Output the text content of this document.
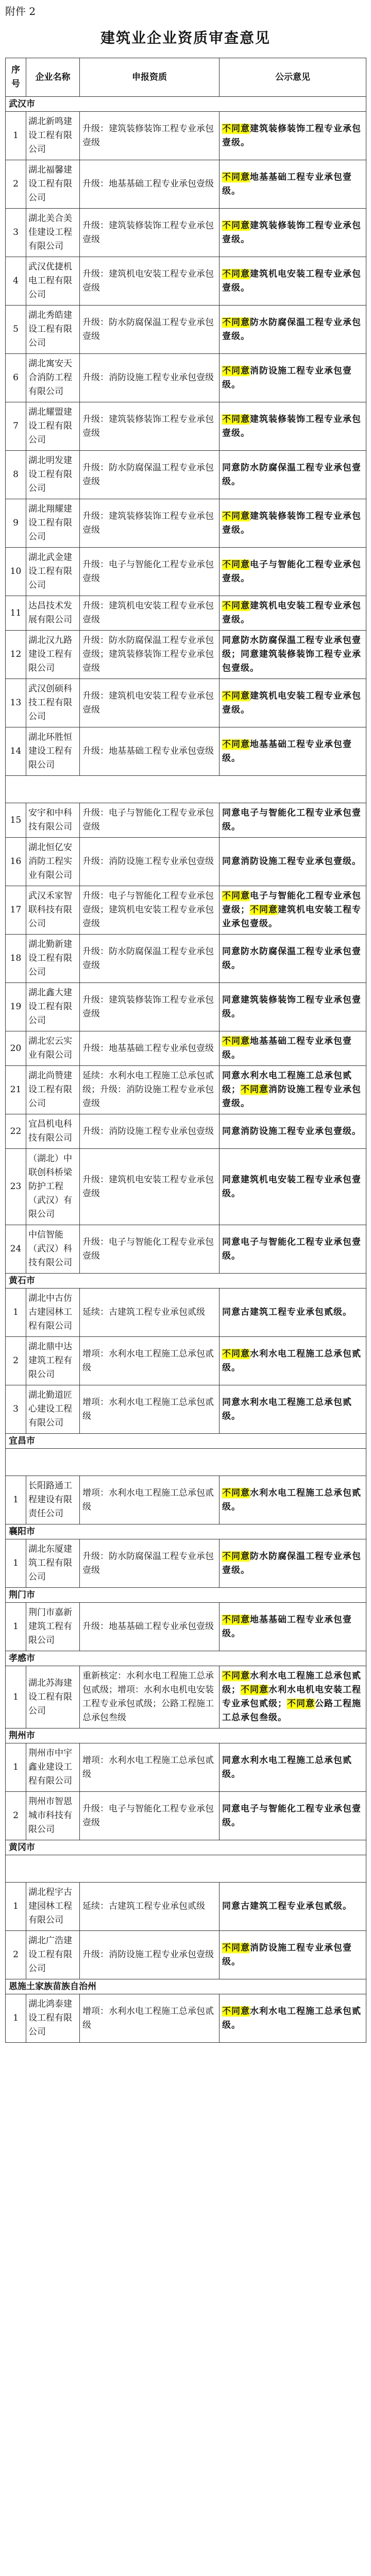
附件 2
建筑业企业资质审查意见
序号	企业名称	申报资质	公示意见
武汉市			
1	湖北新鸣建设工程有限公司	升级：建筑装修装饰工程专业承包壹级	不同意建筑装修装饰工程专业承包壹级。
2	湖北福馨建设工程有限公司	升级：地基基础工程专业承包壹级	不同意地基基础工程专业承包壹级。
3	湖北美合美佳建设工程有限公司	升级：建筑装修装饰工程专业承包壹级	不同意建筑装修装饰工程专业承包壹级。
4	武汉优捷机电工程有限公司	升级：建筑机电安装工程专业承包壹级	不同意建筑机电安装工程专业承包壹级。
5	湖北秀皓建设工程有限公司	升级：防水防腐保温工程专业承包壹级	不同意防水防腐保温工程专业承包壹级。
6	湖北寓安天合消防工程有限公司	升级：消防设施工程专业承包壹级	不同意消防设施工程专业承包壹级。
7	湖北耀盟建设工程有限公司	升级：建筑装修装饰工程专业承包壹级	不同意建筑装修装饰工程专业承包壹级。
8	湖北明发建设工程有限公司	升级：防水防腐保温工程专业承包壹级	同意防水防腐保温工程专业承包壹级。
9	湖北翔耀建设工程有限公司	升级：建筑装修装饰工程专业承包壹级	不同意建筑装修装饰工程专业承包壹级。
10	湖北武金建设工程有限公司	升级：电子与智能化工程专业承包壹级	不同意电子与智能化工程专业承包壹级。
11	达昌技术发展有限公司	升级：建筑机电安装工程专业承包壹级	不同意建筑机电安装工程专业承包壹级。
12	湖北汉九路建设工程有限公司	升级：防水防腐保温工程专业承包壹级；建筑装修装饰工程专业承包壹级	同意防水防腐保温工程专业承包壹级；同意建筑装修装饰工程专业承包壹级。
13	武汉创硕科技工程有限公司	升级：建筑机电安装工程专业承包壹级	不同意建筑机电安装工程专业承包壹级。
14	湖北环胜恒建设工程有限公司	升级：地基基础工程专业承包壹级	不同意地基基础工程专业承包壹级。

15	安宇和中科技有限公司	升级：电子与智能化工程专业承包壹级	同意电子与智能化工程专业承包壹级。
16	湖北恒亿安消防工程实业有限公司	升级：消防设施工程专业承包壹级	同意消防设施工程专业承包壹级。
17	武汉禾家智联科技有限公司	升级：电子与智能化工程专业承包壹级；建筑机电安装工程专业承包壹级	不同意电子与智能化工程专业承包壹级；不同意建筑机电安装工程专业承包壹级。
18	湖北勤新建设工程有限公司	升级：防水防腐保温工程专业承包壹级	同意防水防腐保温工程专业承包壹级。
19	湖北鑫大建设工程有限公司	升级：建筑装修装饰工程专业承包壹级	同意建筑装修装饰工程专业承包壹级。
20	湖北宏云实业有限公司	升级：地基基础工程专业承包壹级	不同意地基基础工程专业承包壹级。
21	湖北尚赞建设工程有限公司	延续：水利水电工程施工总承包贰级；升级：消防设施工程专业承包壹级	同意水利水电工程施工总承包贰级；不同意消防设施工程专业承包壹级。
22	宜昌机电科技有限公司	升级：消防设施工程专业承包壹级	同意消防设施工程专业承包壹级。
23	（湖北）中联创科桥梁防护工程（武汉）有限公司	升级：建筑机电安装工程专业承包壹级	同意建筑机电安装工程专业承包壹级。
24	中信智能（武汉）科技有限公司	升级：电子与智能化工程专业承包壹级	同意电子与智能化工程专业承包壹级。
黄石市			
1	湖北中古仿古建园林工程有限公司	延续：古建筑工程专业承包贰级	同意古建筑工程专业承包贰级。
2	湖北鼎中达建筑工程有限公司	增项：水利水电工程施工总承包贰级	不同意水利水电工程施工总承包贰级。
3	湖北勤道匠心建设工程有限公司	增项：水利水电工程施工总承包贰级	同意水利水电工程施工总承包贰级。
宜昌市			

1	长阳路通工程建设有限责任公司	增项：水利水电工程施工总承包贰级	不同意水利水电工程施工总承包贰级。
襄阳市			
1	湖北东厦建筑工程有限公司	升级：防水防腐保温工程专业承包壹级	不同意防水防腐保温工程专业承包壹级。
荆门市			
1	荆门市嘉新建筑工程有限公司	升级：地基基础工程专业承包壹级	不同意地基基础工程专业承包壹级。
孝感市			
1	湖北苏海建设工程有限公司	重新核定：水利水电工程施工总承包贰级；增项：水利水电机电安装工程专业承包贰级；公路工程施工总承包叁级	不同意水利水电工程施工总承包贰级；不同意水利水电机电安装工程专业承包贰级；不同意公路工程施工总承包叁级。
荆州市			
1	荆州市中宇鑫业建设工程有限公司	增项：水利水电工程施工总承包贰级	同意水利水电工程施工总承包贰级。
2	荆州市智恩城市科技有限公司	升级：电子与智能化工程专业承包壹级	同意电子与智能化工程专业承包壹级。
黄冈市			

1	湖北程宇古建园林工程有限公司	延续：古建筑工程专业承包贰级	同意古建筑工程专业承包贰级。
2	湖北广浩建设工程有限公司	升级：消防设施工程专业承包壹级	不同意消防设施工程专业承包壹级。
恩施土家族苗族自治州			
1	湖北鸿泰建设工程有限公司	增项：水利水电工程施工总承包贰级	不同意水利水电工程施工总承包贰级。
